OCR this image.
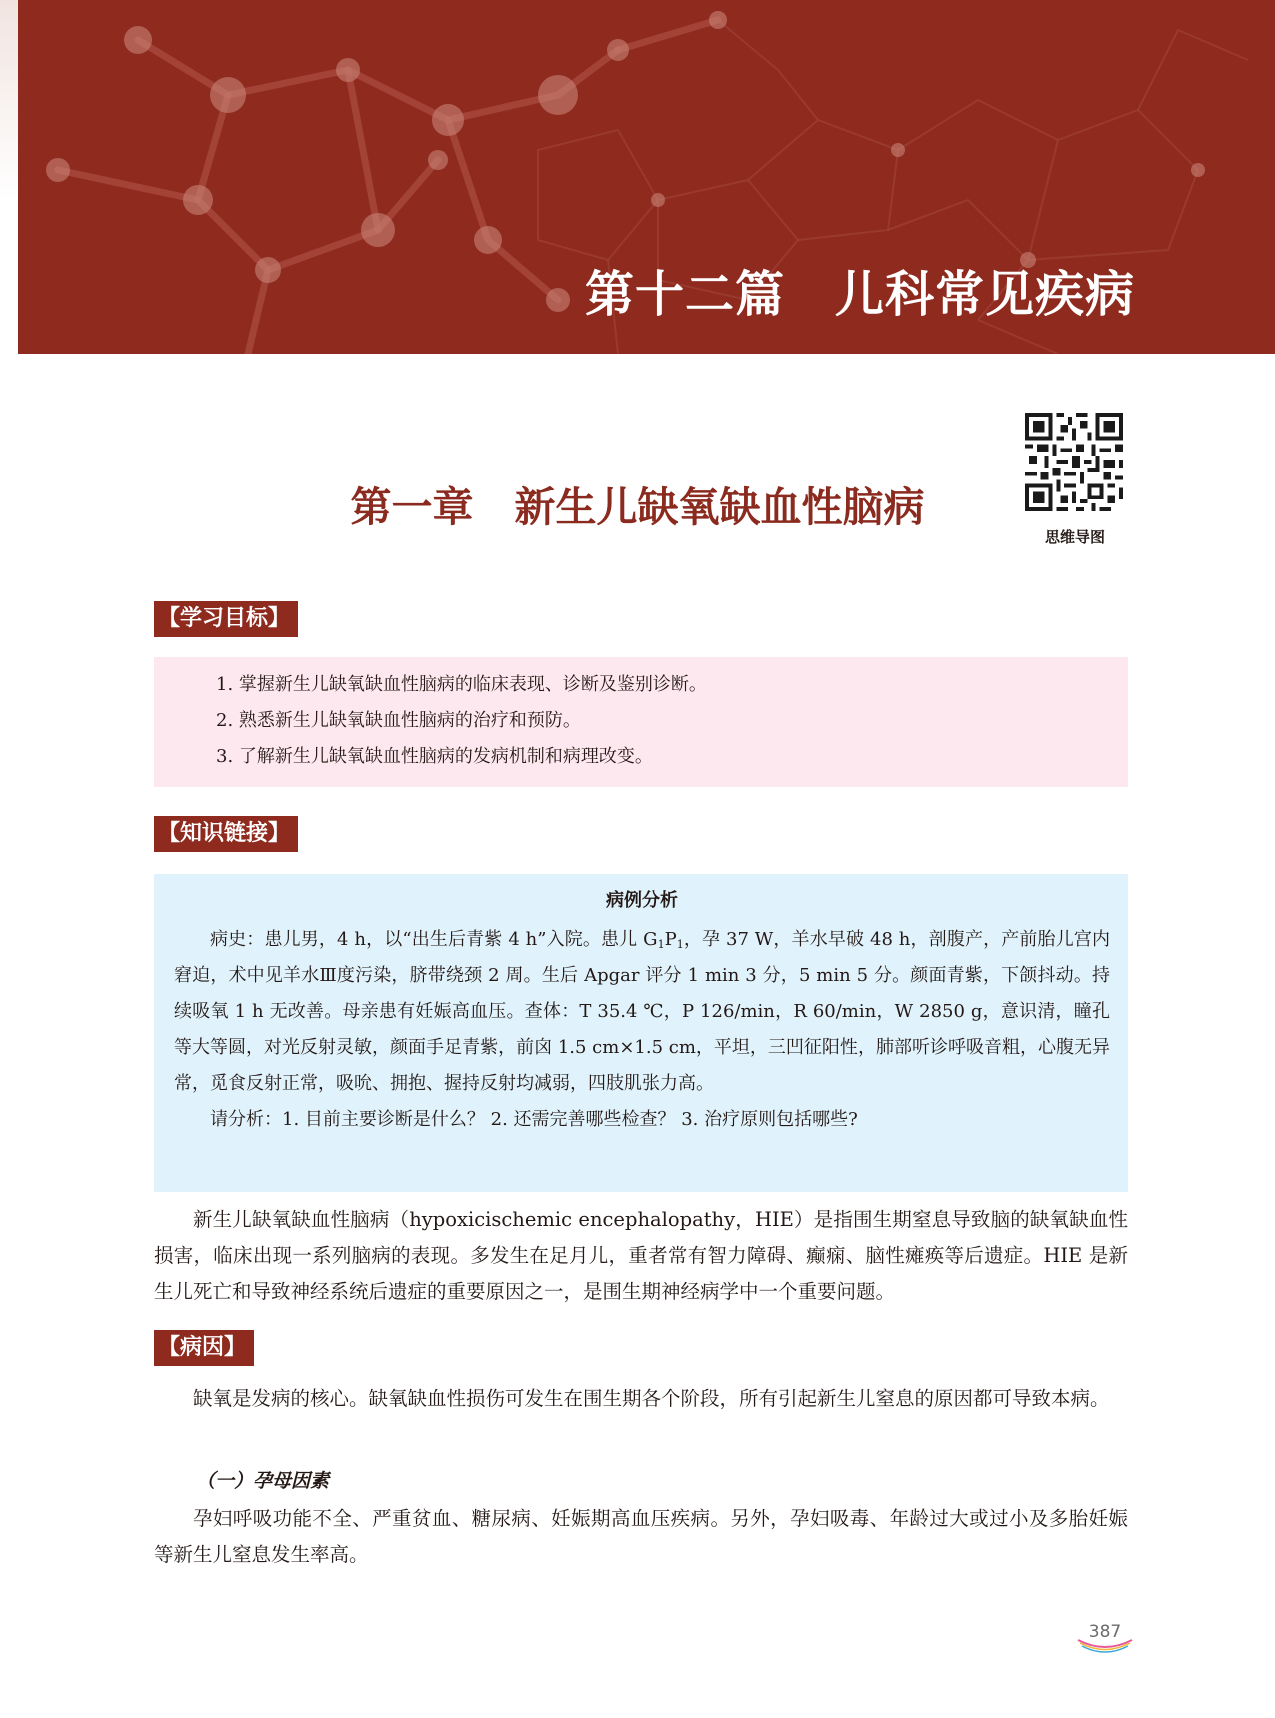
第十二篇　儿科常见疾病
第一章　新生儿缺氧缺血性脑病
思维导图
【学习目标】
1. 掌握新生儿缺氧缺血性脑病的临床表现、诊断及鉴别诊断。
2. 熟悉新生儿缺氧缺血性脑病的治疗和预防。
3. 了解新生儿缺氧缺血性脑病的发病机制和病理改变。
【知识链接】
病例分析

病史：患儿男，4 h，以“出生后青紫 4 h”入院。患儿 $G_1P_1$，孕 37 W，羊水早破 48 h，剖腹产，产前胎儿宫内窘迫，术中见羊水Ⅲ度污染，脐带绕颈 2 周。生后 Apgar 评分 1 min 3 分，5 min 5 分。颜面青紫，下颌抖动。持续吸氧 1 h 无改善。母亲患有妊娠高血压。查体：T 35.4 ℃，P 126/min，R 60/min，W 2850 g，意识清，瞳孔等大等圆，对光反射灵敏，颜面手足青紫，前囟 1.5 cm×1.5 cm，平坦，三凹征阳性，肺部听诊呼吸音粗，心腹无异常，觅食反射正常，吸吮、拥抱、握持反射均减弱，四肢肌张力高。

请分析：1. 目前主要诊断是什么？ 2. 还需完善哪些检查？ 3. 治疗原则包括哪些?

新生儿缺氧缺血性脑病（hypoxicischemic encephalopathy，HIE）是指围生期窒息导致脑的缺氧缺血性损害，临床出现一系列脑病的表现。多发生在足月儿，重者常有智力障碍、癫痫、脑性瘫痪等后遗症。HIE 是新生儿死亡和导致神经系统后遗症的重要原因之一，是围生期神经病学中一个重要问题。

【病因】

缺氧是发病的核心。缺氧缺血性损伤可发生在围生期各个阶段，所有引起新生儿窒息的原因都可导致本病。

（一）孕母因素

孕妇呼吸功能不全、严重贫血、糖尿病、妊娠期高血压疾病。另外，孕妇吸毒、年龄过大或过小及多胎妊娠等新生儿窒息发生率高。

387
